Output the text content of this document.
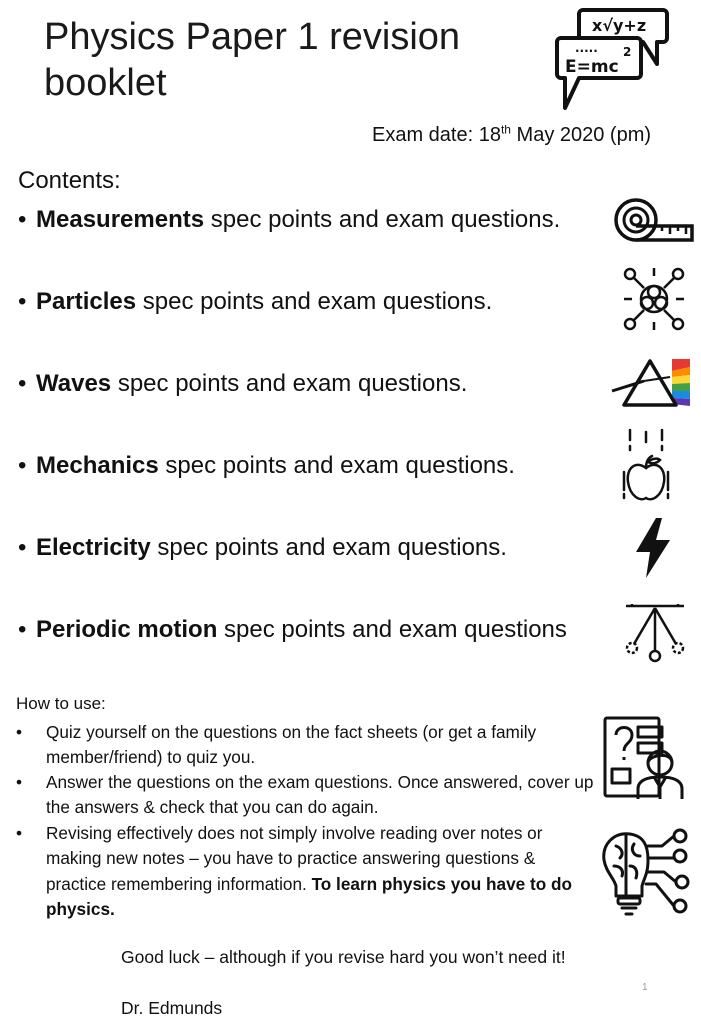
Physics Paper 1 revision booklet
x√y+z
..... 2
E=mc
Exam date: 18th May 2020 (pm)
Contents:
• Measurements spec points and exam questions.
• Particles spec points and exam questions.
• Waves spec points and exam questions.
• Mechanics spec points and exam questions.
• Electricity spec points and exam questions.
• Periodic motion spec points and exam questions
How to use:
• Quiz yourself on the questions on the fact sheets (or get a family member/friend) to quiz you.
• Answer the questions on the exam questions. Once answered, cover up the answers & check that you can do again.
• Revising effectively does not simply involve reading over notes or making new notes – you have to practice answering questions & practice remembering information. To learn physics you have to do physics.
Good luck – although if you revise hard you won’t need it!
Dr. Edmunds
1
